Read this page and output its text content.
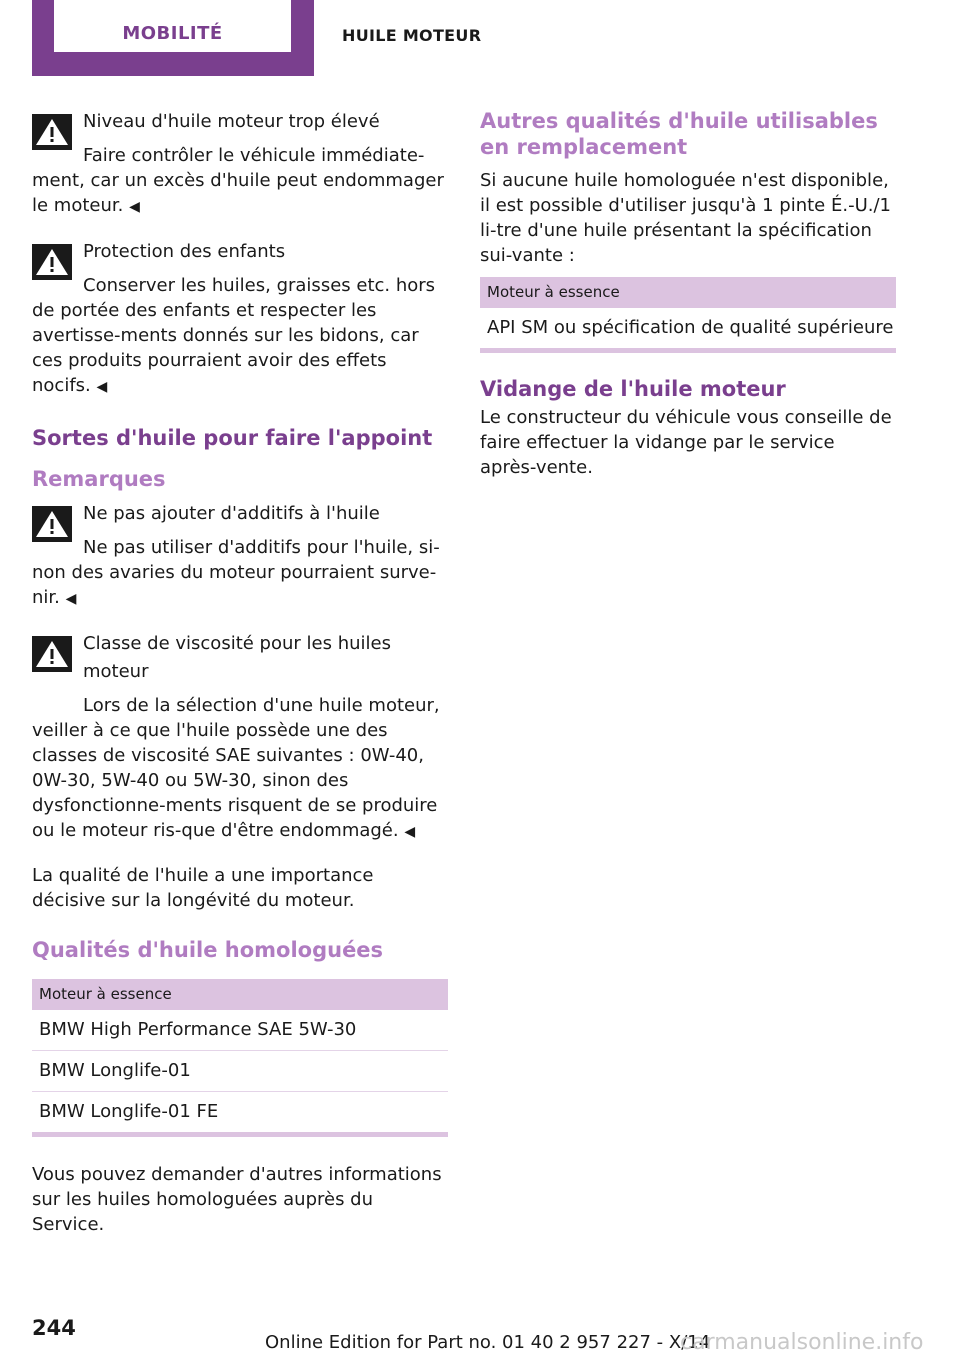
MOBILITÉ	HUILE MOTEUR

Niveau d'huile moteur trop élevé

Faire contrôler le véhicule immédiate-ment, car un excès d'huile peut endommager le moteur. ◀

Protection des enfants

Conserver les huiles, graisses etc. hors de portée des enfants et respecter les avertisse-ments donnés sur les bidons, car ces produits pourraient avoir des effets nocifs. ◀

Sortes d'huile pour faire l'appoint
Remarques

Ne pas ajouter d'additifs à l'huile

Ne pas utiliser d'additifs pour l'huile, si-non des avaries du moteur pourraient surve-nir. ◀

Classe de viscosité pour les huiles moteur

Lors de la sélection d'une huile moteur, veiller à ce que l'huile possède une des classes de viscosité SAE suivantes : 0W-40, 0W-30, 5W-40 ou 5W-30, sinon des dysfonctionne-ments risquent de se produire ou le moteur ris-que d'être endommagé. ◀

La qualité de l'huile a une importance décisive sur la longévité du moteur.

Qualités d'huile homologuées
Moteur à essence
BMW High Performance SAE 5W-30
BMW Longlife-01
BMW Longlife-01 FE

Vous pouvez demander d'autres informations sur les huiles homologuées auprès du Service.

Autres qualités d'huile utilisables en remplacement

Si aucune huile homologuée n'est disponible, il est possible d'utiliser jusqu'à 1 pinte É.-U./1 li-tre d'une huile présentant la spécification sui-vante :

Moteur à essence
API SM ou spécification de qualité supérieure
Vidange de l'huile moteur

Le constructeur du véhicule vous conseille de faire effectuer la vidange par le service après-vente.

244
Online Edition for Part no. 01 40 2 957 227 - X/14
carmanualsonline.info
